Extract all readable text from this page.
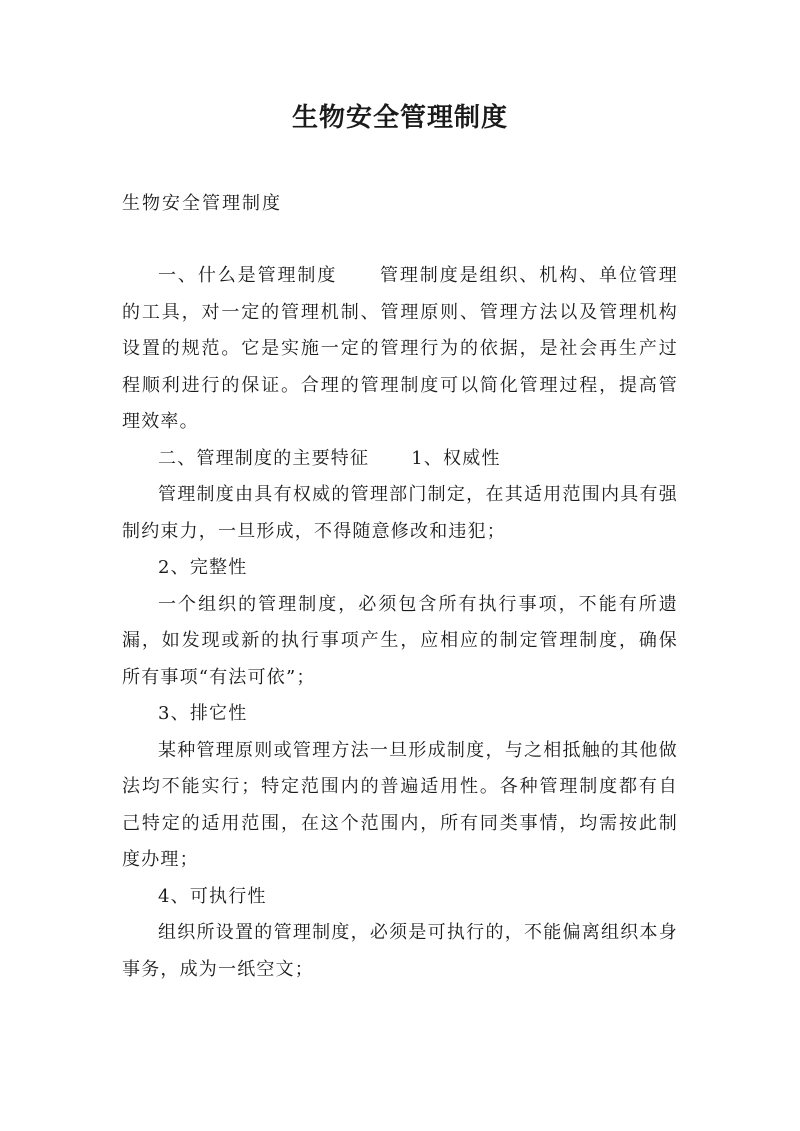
生物安全管理制度
生物安全管理制度

一、什么是管理制度 管理制度是组织、机构、单位管理的工具，对一定的管理机制、管理原则、管理方法以及管理机构设置的规范。它是实施一定的管理行为的依据，是社会再生产过程顺利进行的保证。合理的管理制度可以简化管理过程，提高管理效率。

二、管理制度的主要特征 1、权威性

管理制度由具有权威的管理部门制定，在其适用范围内具有强制约束力，一旦形成，不得随意修改和违犯；

2、完整性

一个组织的管理制度，必须包含所有执行事项，不能有所遗漏，如发现或新的执行事项产生，应相应的制定管理制度，确保所有事项“有法可依”；

3、排它性

某种管理原则或管理方法一旦形成制度，与之相抵触的其他做法均不能实行；特定范围内的普遍适用性。各种管理制度都有自己特定的适用范围，在这个范围内，所有同类事情，均需按此制度办理；

4、可执行性

组织所设置的管理制度，必须是可执行的，不能偏离组织本身事务，成为一纸空文；
